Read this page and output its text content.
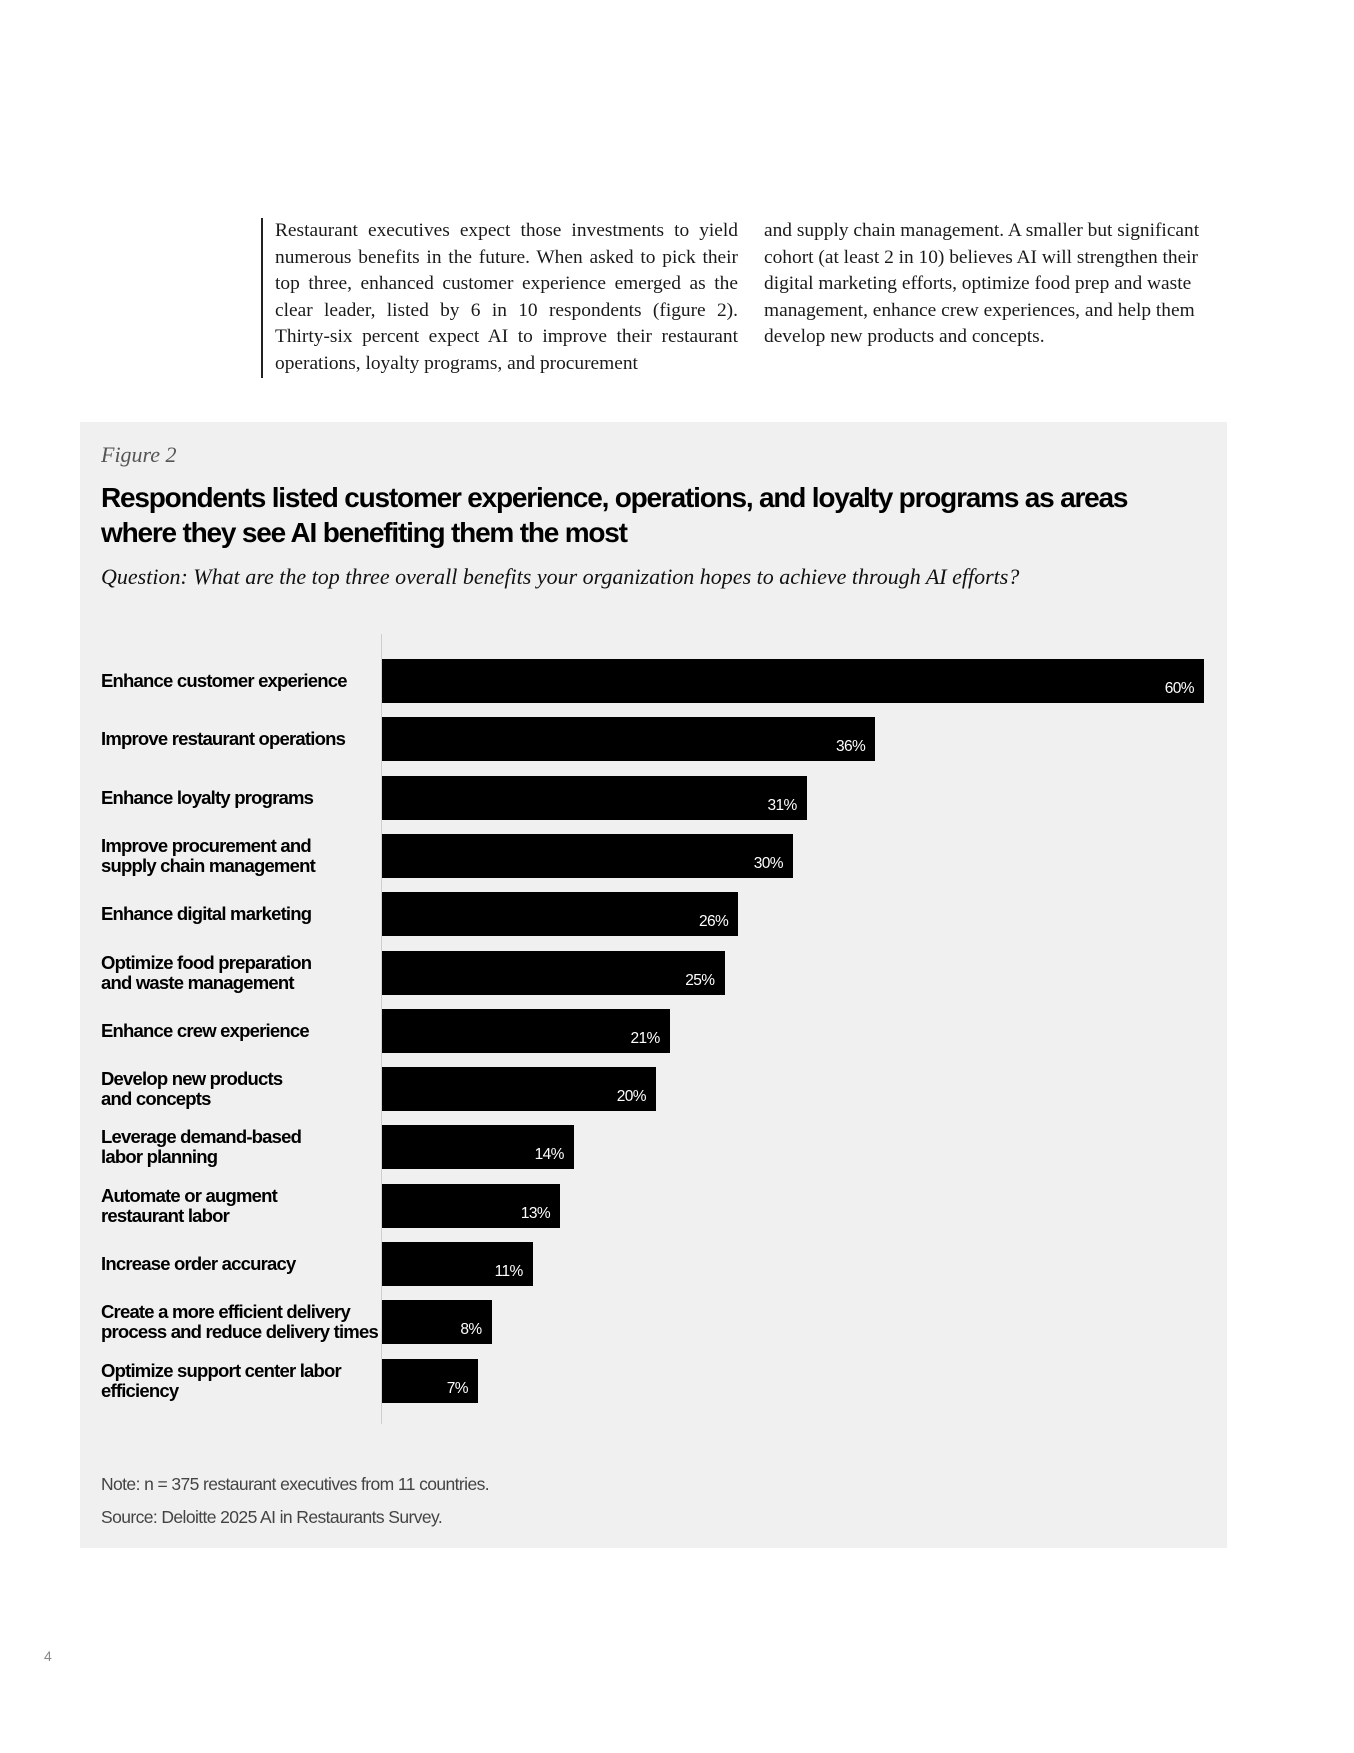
Restaurant executives expect those investments to yield numerous benefits in the future. When asked to pick their top three, enhanced customer experience emerged as the clear leader, listed by 6 in 10 respondents (figure 2). Thirty-six percent expect AI to improve their restaurant operations, loyalty programs, and procurement

and supply chain management. A smaller but significant cohort (at least 2 in 10) believes AI will strengthen their digital marketing efforts, optimize food prep and waste management, enhance crew experiences, and help them develop new products and concepts.

Figure 2
Respondents listed customer experience, operations, and loyalty programs as areas where they see AI benefiting them the most
Question: What are the top three overall benefits your organization hopes to achieve through AI efforts?
Enhance customer experience	60%
Improve restaurant operations	36%
Enhance loyalty programs	31%
Improve procurement and
supply chain management	30%
Enhance digital marketing	26%
Optimize food preparation
and waste management	25%
Enhance crew experience	21%
Develop new products
and concepts	20%
Leverage demand-based
labor planning	14%
Automate or augment
restaurant labor	13%
Increase order accuracy	11%
Create a more efficient delivery
process and reduce delivery times	8%
Optimize support center labor
efficiency	7%
Note: n = 375 restaurant executives from 11 countries.
Source: Deloitte 2025 AI in Restaurants Survey.
4
